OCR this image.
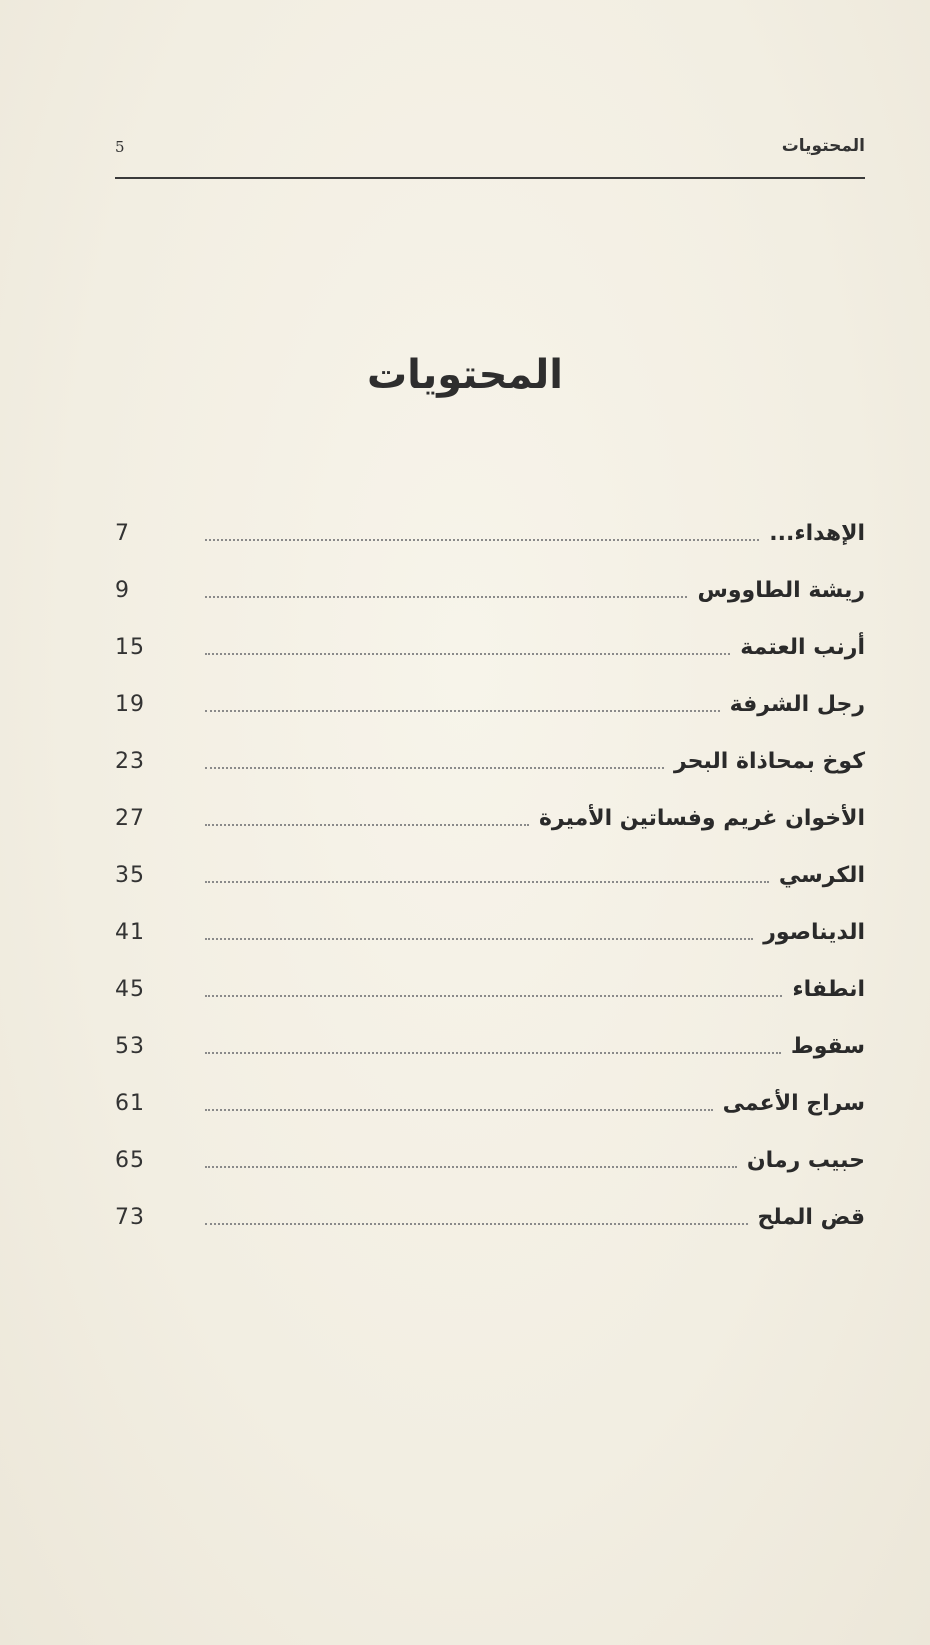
المحتويات
5
المحتويات
الإهداء...
7
ريشة الطاووس
9
أرنب العتمة
15
رجل الشرفة
19
كوخ بمحاذاة البحر
23
الأخوان غريم وفساتين الأميرة
27
الكرسي
35
الديناصور
41
انطفاء
45
سقوط
53
سراج الأعمى
61
حبيب رمان
65
قض الملح
73
